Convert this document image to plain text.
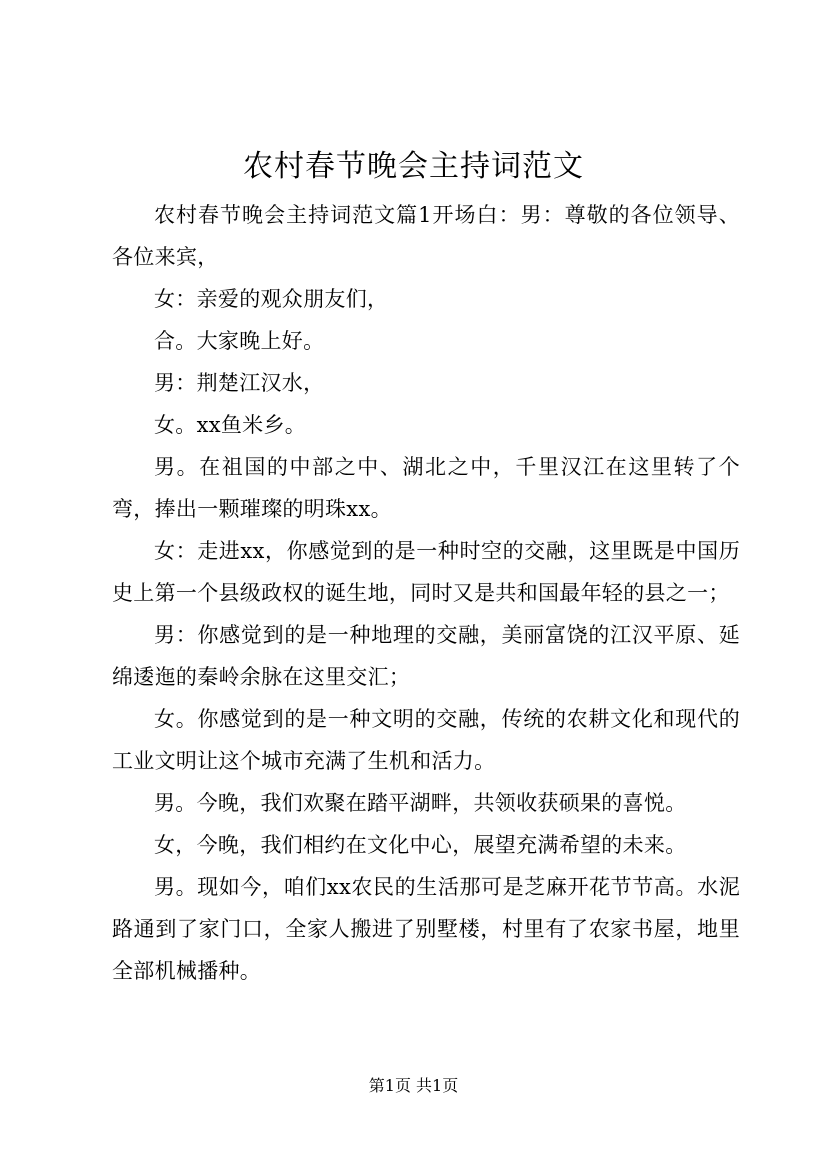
农村春节晚会主持词范文

农村春节晚会主持词范文篇1开场白：男：尊敬的各位领导、各位来宾，

女：亲爱的观众朋友们，

合。大家晚上好。

男：荆楚江汉水，

女。xx鱼米乡。

男。在祖国的中部之中、湖北之中，千里汉江在这里转了个弯，捧出一颗璀璨的明珠xx。

女：走进xx，你感觉到的是一种时空的交融，这里既是中国历史上第一个县级政权的诞生地，同时又是共和国最年轻的县之一；

男：你感觉到的是一种地理的交融，美丽富饶的江汉平原、延绵逶迤的秦岭余脉在这里交汇；

女。你感觉到的是一种文明的交融，传统的农耕文化和现代的工业文明让这个城市充满了生机和活力。

男。今晚，我们欢聚在踏平湖畔，共领收获硕果的喜悦。

女，今晚，我们相约在文化中心，展望充满希望的未来。

男。现如今，咱们xx农民的生活那可是芝麻开花节节高。水泥路通到了家门口，全家人搬进了别墅楼，村里有了农家书屋，地里全部机械播种。

第1页 共1页
